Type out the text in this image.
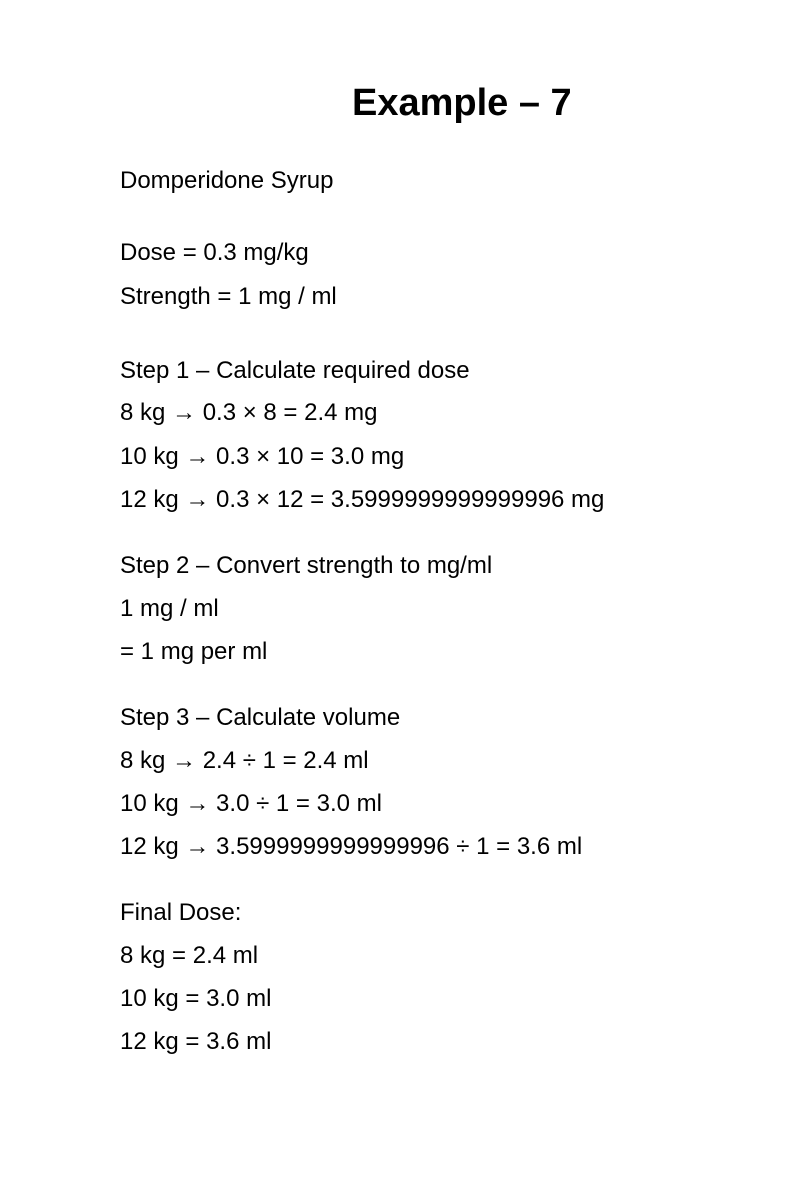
Example – 7
Domperidone Syrup
Dose = 0.3 mg/kg
Strength = 1 mg / ml
Step 1 – Calculate required dose
8 kg → 0.3 × 8 = 2.4 mg
10 kg → 0.3 × 10 = 3.0 mg
12 kg → 0.3 × 12 = 3.5999999999999996 mg
Step 2 – Convert strength to mg/ml
1 mg / ml
= 1 mg per ml
Step 3 – Calculate volume
8 kg → 2.4 ÷ 1 = 2.4 ml
10 kg → 3.0 ÷ 1 = 3.0 ml
12 kg → 3.5999999999999996 ÷ 1 = 3.6 ml
Final Dose:
8 kg = 2.4 ml
10 kg = 3.0 ml
12 kg = 3.6 ml
